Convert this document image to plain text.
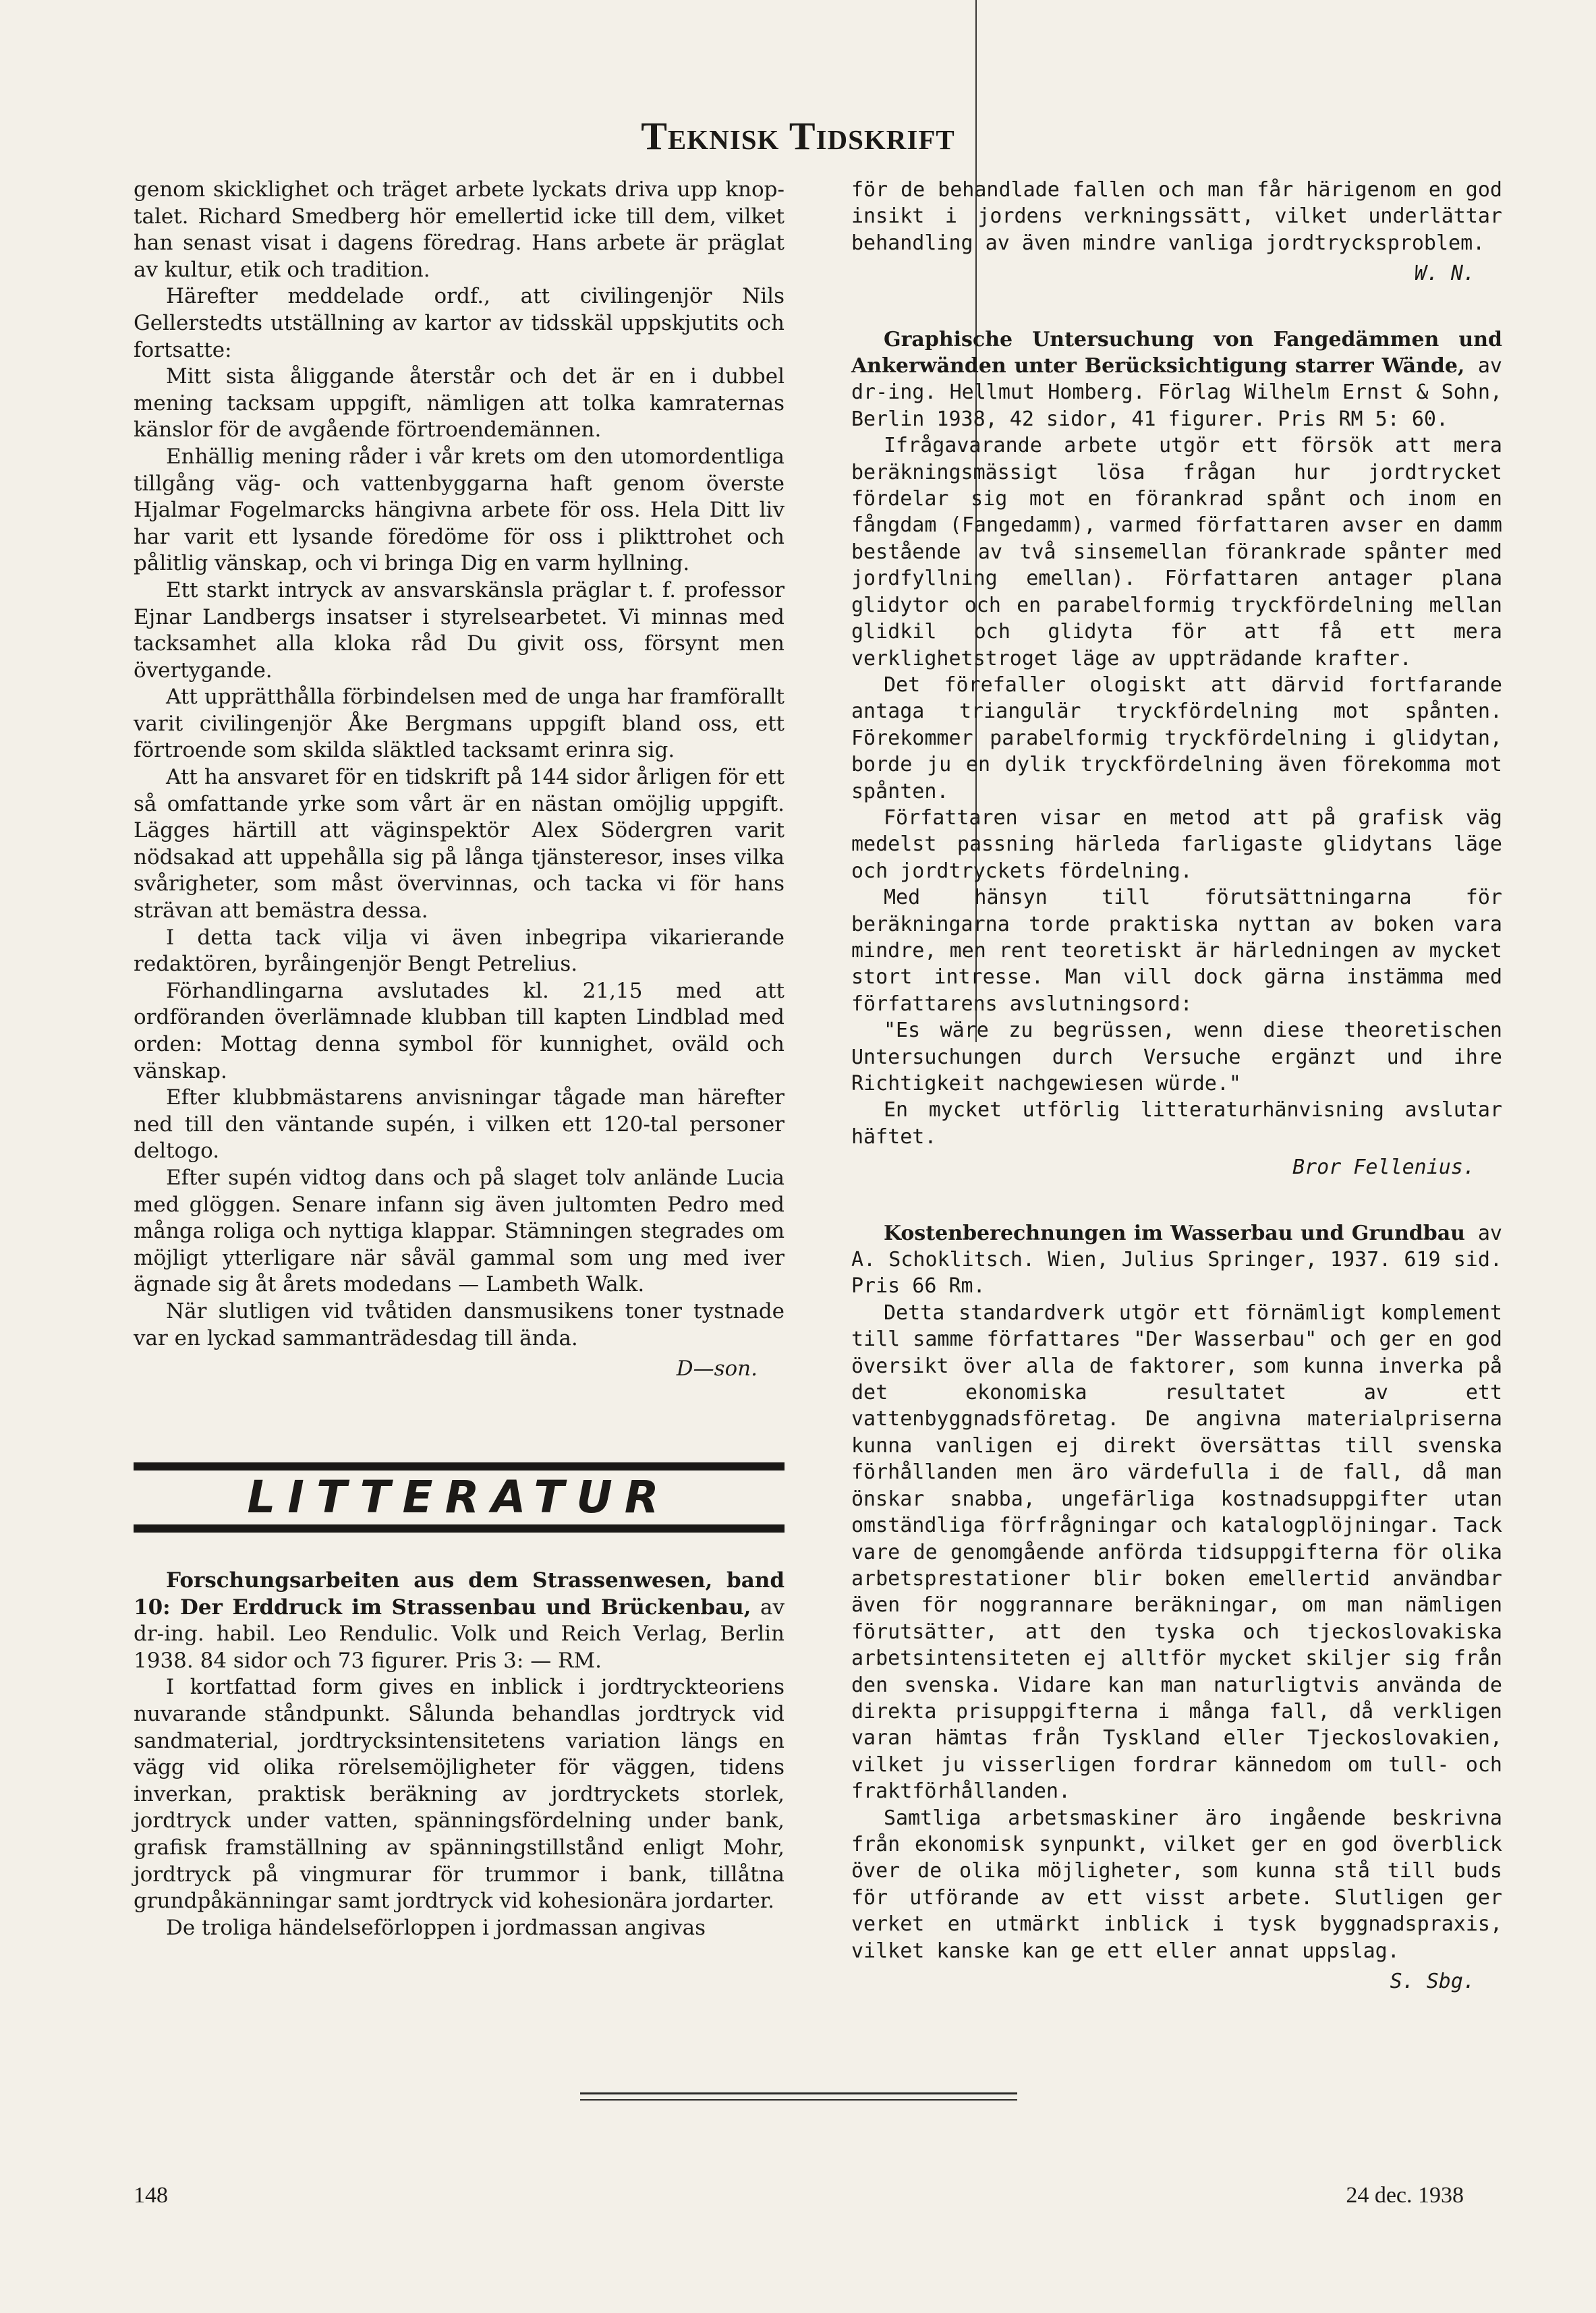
Teknisk Tidskrift

genom skicklighet och träget arbete lyckats driva upp knop-talet. Richard Smedberg hör emellertid icke till dem, vilket han senast visat i dagens föredrag. Hans arbete är präglat av kultur, etik och tradition.

Härefter meddelade ordf., att civilingenjör Nils Gellerstedts utställning av kartor av tidsskäl uppskjutits och fortsatte:

Mitt sista åliggande återstår och det är en i dubbel mening tacksam uppgift, nämligen att tolka kamraternas känslor för de avgående förtroendemännen.

Enhällig mening råder i vår krets om den utomordentliga tillgång väg- och vattenbyggarna haft genom överste Hjalmar Fogelmarcks hängivna arbete för oss. Hela Ditt liv har varit ett lysande föredöme för oss i plikttrohet och pålitlig vänskap, och vi bringa Dig en varm hyllning.

Ett starkt intryck av ansvarskänsla präglar t. f. professor Ejnar Landbergs insatser i styrelsearbetet. Vi minnas med tacksamhet alla kloka råd Du givit oss, försynt men övertygande.

Att upprätthålla förbindelsen med de unga har framförallt varit civilingenjör Åke Bergmans uppgift bland oss, ett förtroende som skilda släktled tacksamt erinra sig.

Att ha ansvaret för en tidskrift på 144 sidor årligen för ett så omfattande yrke som vårt är en nästan omöjlig uppgift. Lägges härtill att väginspektör Alex Södergren varit nödsakad att uppehålla sig på långa tjänsteresor, inses vilka svårigheter, som måst övervinnas, och tacka vi för hans strävan att bemästra dessa.

I detta tack vilja vi även inbegripa vikarierande redaktören, byråingenjör Bengt Petrelius.

Förhandlingarna avslutades kl. 21,15 med att ordföranden överlämnade klubban till kapten Lindblad med orden: Mottag denna symbol för kunnighet, oväld och vänskap.

Efter klubbmästarens anvisningar tågade man härefter ned till den väntande supén, i vilken ett 120-tal personer deltogo.

Efter supén vidtog dans och på slaget tolv anlände Lucia med glöggen. Senare infann sig även jultomten Pedro med många roliga och nyttiga klappar. Stämningen stegrades om möjligt ytterligare när såväl gammal som ung med iver ägnade sig åt årets modedans — Lambeth Walk.

När slutligen vid tvåtiden dansmusikens toner tystnade var en lyckad sammanträdesdag till ända.

D—son.

LITTERATUR

Forschungsarbeiten aus dem Strassenwesen, band 10: Der Erddruck im Strassenbau und Brückenbau, av dr-ing. habil. Leo Rendulic. Volk und Reich Verlag, Berlin 1938. 84 sidor och 73 figurer. Pris 3: — RM.

I kortfattad form gives en inblick i jordtryckteoriens nuvarande ståndpunkt. Sålunda behandlas jordtryck vid sandmaterial, jordtrycksintensitetens variation längs en vägg vid olika rörelsemöjligheter för väggen, tidens inverkan, praktisk beräkning av jordtryckets storlek, jordtryck under vatten, spänningsfördelning under bank, grafisk framställning av spänningstillstånd enligt Mohr, jordtryck på vingmurar för trummor i bank, tillåtna grundpåkänningar samt jordtryck vid kohesionära jordarter.

De troliga händelseförloppen i jordmassan angivas

för de behandlade fallen och man får härigenom en god insikt i jordens verkningssätt, vilket underlättar behandling av även mindre vanliga jordtrycksproblem.

W. N.

Graphische Untersuchung von Fangedämmen und Ankerwänden unter Berücksichtigung starrer Wände, av dr-ing. Hellmut Homberg. Förlag Wilhelm Ernst & Sohn, Berlin 1938, 42 sidor, 41 figurer. Pris RM 5: 60.

Ifrågavarande arbete utgör ett försök att mera beräkningsmässigt lösa frågan hur jordtrycket fördelar sig mot en förankrad spånt och inom en fångdam (Fangedamm), varmed författaren avser en damm bestående av två sinsemellan förankrade spånter med jordfyllning emellan). Författaren antager plana glidytor och en parabelformig tryckfördelning mellan glidkil och glidyta för att få ett mera verklighetstroget läge av uppträdande krafter.

Det förefaller ologiskt att därvid fortfarande antaga triangulär tryckfördelning mot spånten. Förekommer parabelformig tryckfördelning i glidytan, borde ju en dylik tryckfördelning även förekomma mot spånten.

Författaren visar en metod att på grafisk väg medelst passning härleda farligaste glidytans läge och jordtryckets fördelning.

Med hänsyn till förutsättningarna för beräkningarna torde praktiska nyttan av boken vara mindre, men rent teoretiskt är härledningen av mycket stort intresse. Man vill dock gärna instämma med författarens avslutningsord:

"Es wäre zu begrüssen, wenn diese theoretischen Untersuchungen durch Versuche ergänzt und ihre Richtigkeit nachgewiesen würde."

En mycket utförlig litteraturhänvisning avslutar häftet.

Bror Fellenius.

Kostenberechnungen im Wasserbau und Grundbau av A. Schoklitsch. Wien, Julius Springer, 1937. 619 sid. Pris 66 Rm.

Detta standardverk utgör ett förnämligt komplement till samme författares "Der Wasserbau" och ger en god översikt över alla de faktorer, som kunna inverka på det ekonomiska resultatet av ett vattenbyggnadsföretag. De angivna materialpriserna kunna vanligen ej direkt översättas till svenska förhållanden men äro värdefulla i de fall, då man önskar snabba, ungefärliga kostnadsuppgifter utan omständliga förfrågningar och katalogplöjningar. Tack vare de genomgående anförda tidsuppgifterna för olika arbetsprestationer blir boken emellertid användbar även för noggrannare beräkningar, om man nämligen förutsätter, att den tyska och tjeckoslovakiska arbetsintensiteten ej alltför mycket skiljer sig från den svenska. Vidare kan man naturligtvis använda de direkta prisuppgifterna i många fall, då verkligen varan hämtas från Tyskland eller Tjeckoslovakien, vilket ju visserligen fordrar kännedom om tull- och fraktförhållanden.

Samtliga arbetsmaskiner äro ingående beskrivna från ekonomisk synpunkt, vilket ger en god överblick över de olika möjligheter, som kunna stå till buds för utförande av ett visst arbete. Slutligen ger verket en utmärkt inblick i tysk byggnadspraxis, vilket kanske kan ge ett eller annat uppslag.

S. Sbg.

148	24 dec. 1938
